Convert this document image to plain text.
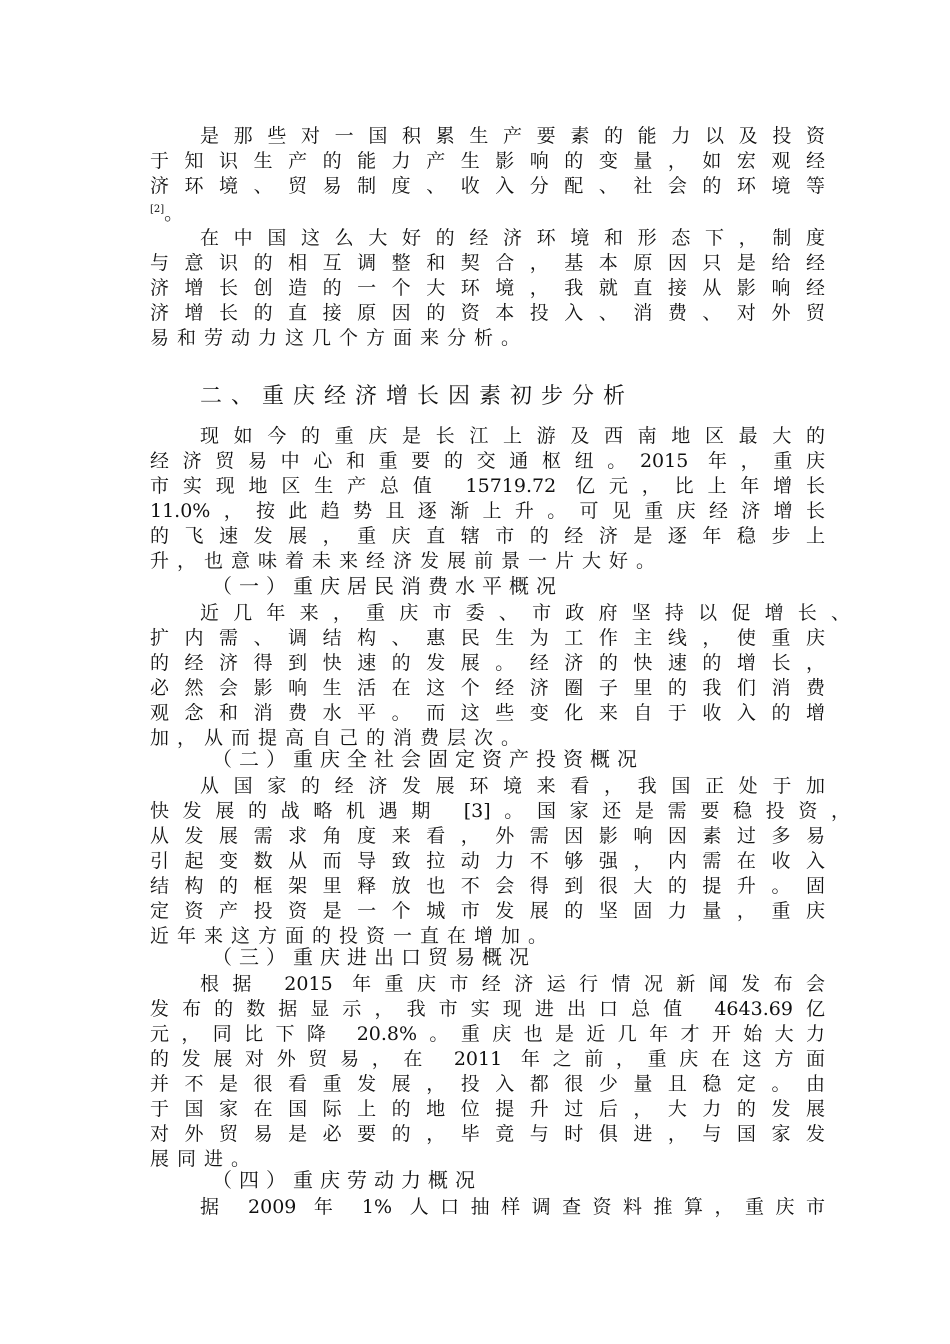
是那些对一国积累生产要素的能力以及投资
于知识生产的能力产生影响的变量，如宏观经
济环境、贸易制度、收入分配、社会的环境等
[2]。
在中国这么大好的经济环境和形态下，制度
与意识的相互调整和契合，基本原因只是给经
济增长创造的一个大环境，我就直接从影响经
济增长的直接原因的资本投入、消费、对外贸
易和劳动力这几个方面来分析。
现如今的重庆是长江上游及西南地区最大的
经济贸易中心和重要的交通枢纽。2015 年，重庆
市实现地区生产总值 15719.72 亿元，比上年增长
11.0%，按此趋势且逐渐上升。可见重庆经济增长
的飞速发展，重庆直辖市的经济是逐年稳步上
升，也意味着未来经济发展前景一片大好。
近几年来，重庆市委、市政府坚持以促增长、
扩内需、调结构、惠民生为工作主线，使重庆
的经济得到快速的发展。经济的快速的增长，
必然会影响生活在这个经济圈子里的我们消费
观念和消费水平。而这些变化来自于收入的增
加，从而提高自己的消费层次。
从国家的经济发展环境来看，我国正处于加
快发展的战略机遇期 [3]。国家还是需要稳投资，
从发展需求角度来看，外需因影响因素过多易
引起变数从而导致拉动力不够强，内需在收入
结构的框架里释放也不会得到很大的提升。固
定资产投资是一个城市发展的坚固力量，重庆
近年来这方面的投资一直在增加。
根据 2015 年重庆市经济运行情况新闻发布会
发布的数据显示，我市实现进出口总值 4643.69亿
元，同比下降 20.8%。重庆也是近几年才开始大力
的发展对外贸易，在 2011 年之前，重庆在这方面
并不是很看重发展，投入都很少量且稳定。由
于国家在国际上的地位提升过后，大力的发展
对外贸易是必要的，毕竟与时俱进，与国家发
展同进。
据 2009 年 1% 人口抽样调查资料推算，重庆市
二、重庆经济增长因素初步分析
（一）重庆居民消费水平概况
（二）重庆全社会固定资产投资概况
（三）重庆进出口贸易概况
（四）重庆劳动力概况
